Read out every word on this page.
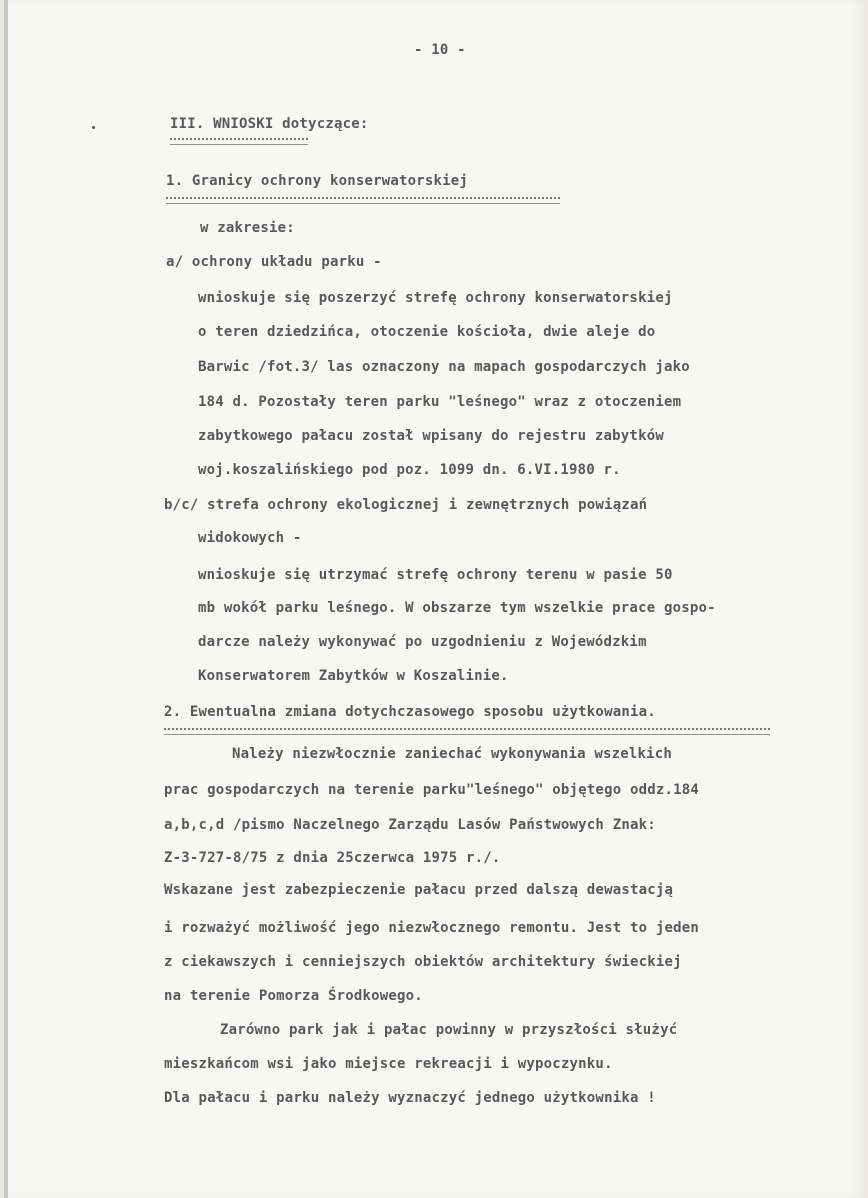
- 10 -
III. WNIOSKI dotyczące:
1. Granicy ochrony konserwatorskiej
w zakresie:
a/ ochrony układu parku -
wnioskuje się poszerzyć strefę ochrony konserwatorskiej
o teren dziedzińca, otoczenie kościoła, dwie aleje do
Barwic /fot.3/ las oznaczony na mapach gospodarczych jako
184 d. Pozostały teren parku "leśnego" wraz z otoczeniem
zabytkowego pałacu został wpisany do rejestru zabytków
woj.koszalińskiego pod poz. 1099 dn. 6.VI.1980 r.
b/c/ strefa ochrony ekologicznej i zewnętrznych powiązań
widokowych -
wnioskuje się utrzymać strefę ochrony terenu w pasie 50
mb wokół parku leśnego. W obszarze tym wszelkie prace gospo-
darcze należy wykonywać po uzgodnieniu z Wojewódzkim
Konserwatorem Zabytków w Koszalinie.
2. Ewentualna zmiana dotychczasowego sposobu użytkowania.
Należy niezwłocznie zaniechać wykonywania wszelkich
prac gospodarczych na terenie parku"leśnego" objętego oddz.184
a,b,c,d /pismo Naczelnego Zarządu Lasów Państwowych Znak:
Z-3-727-8/75 z dnia 25czerwca 1975 r./.
Wskazane jest zabezpieczenie pałacu przed dalszą dewastacją
i rozważyć możliwość jego niezwłocznego remontu. Jest to jeden
z ciekawszych i cenniejszych obiektów architektury świeckiej
na terenie Pomorza Środkowego.
Zarówno park jak i pałac powinny w przyszłości służyć
mieszkańcom wsi jako miejsce rekreacji i wypoczynku.
Dla pałacu i parku należy wyznaczyć jednego użytkownika !
